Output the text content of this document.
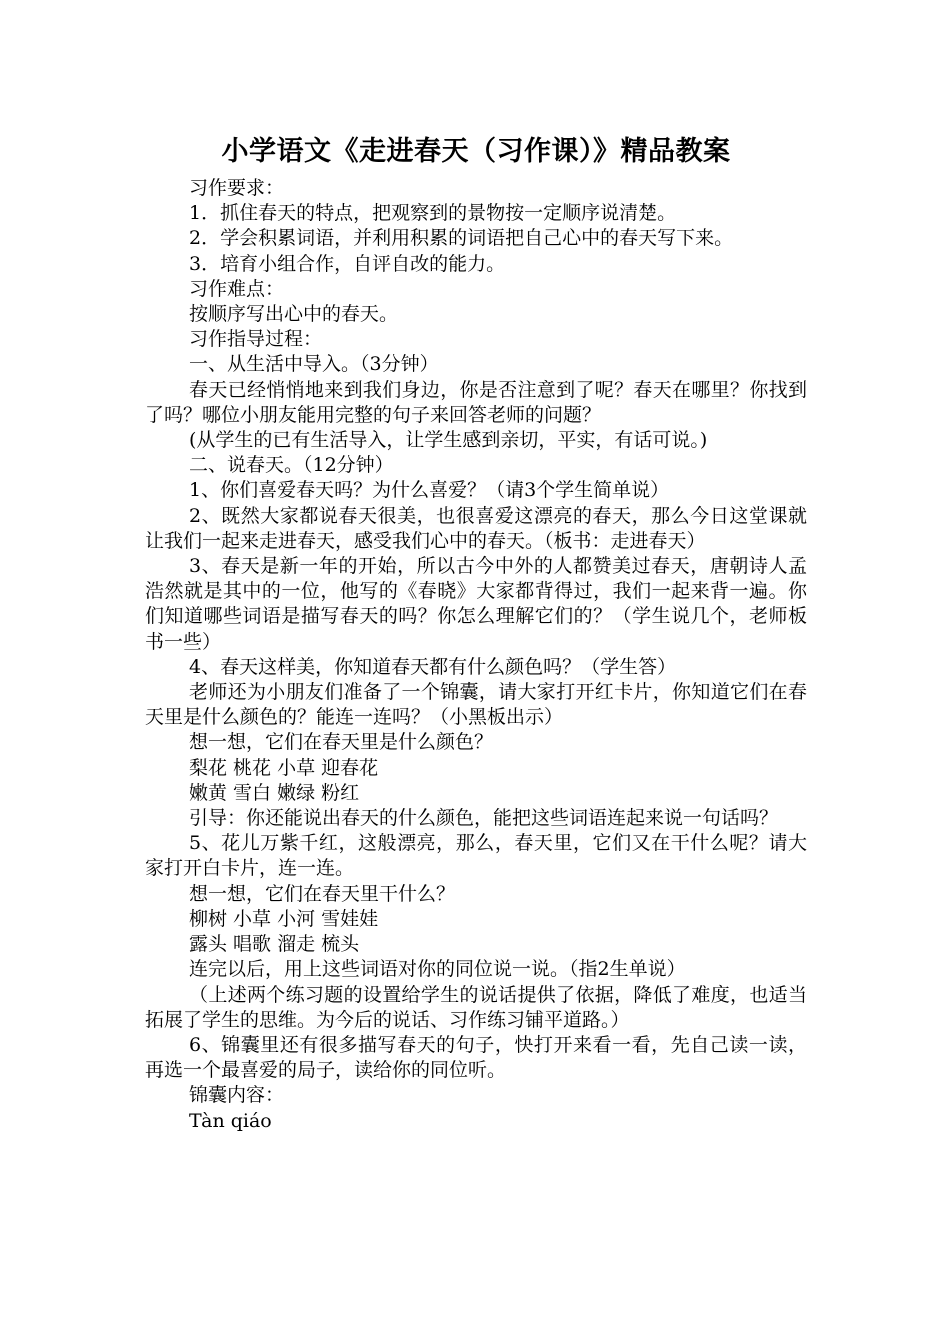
小学语文《走进春天（习作课）》精品教案

习作要求：

1．抓住春天的特点，把观察到的景物按一定顺序说清楚。

2．学会积累词语，并利用积累的词语把自己心中的春天写下来。

3．培育小组合作，自评自改的能力。

习作难点：

按顺序写出心中的春天。

习作指导过程：

一、从生活中导入。（3分钟）

春天已经悄悄地来到我们身边，你是否注意到了呢？春天在哪里？你找到了吗？哪位小朋友能用完整的句子来回答老师的问题？

(从学生的已有生活导入，让学生感到亲切，平实，有话可说。)

二、说春天。（12分钟）

1、你们喜爱春天吗？为什么喜爱？（请3个学生简单说）

2、既然大家都说春天很美，也很喜爱这漂亮的春天，那么今日这堂课就让我们一起来走进春天，感受我们心中的春天。（板书：走进春天）

3、春天是新一年的开始，所以古今中外的人都赞美过春天，唐朝诗人孟浩然就是其中的一位，他写的《春晓》大家都背得过，我们一起来背一遍。你们知道哪些词语是描写春天的吗？你怎么理解它们的？（学生说几个，老师板书一些）

4、春天这样美，你知道春天都有什么颜色吗？（学生答）

老师还为小朋友们准备了一个锦囊，请大家打开红卡片，你知道它们在春天里是什么颜色的？能连一连吗？（小黑板出示）

想一想，它们在春天里是什么颜色？

梨花 桃花 小草 迎春花

嫩黄 雪白 嫩绿 粉红

引导：你还能说出春天的什么颜色，能把这些词语连起来说一句话吗？

5、花儿万紫千红，这般漂亮，那么，春天里，它们又在干什么呢？请大家打开白卡片，连一连。

想一想，它们在春天里干什么？

柳树 小草 小河 雪娃娃

露头 唱歌 溜走 梳头

连完以后，用上这些词语对你的同位说一说。（指2生单说）

（上述两个练习题的设置给学生的说话提供了依据，降低了难度，也适当拓展了学生的思维。为今后的说话、习作练习铺平道路。）

6、锦囊里还有很多描写春天的句子，快打开来看一看，先自己读一读，再选一个最喜爱的局子，读给你的同位听。

锦囊内容：

Tàn qiáo
